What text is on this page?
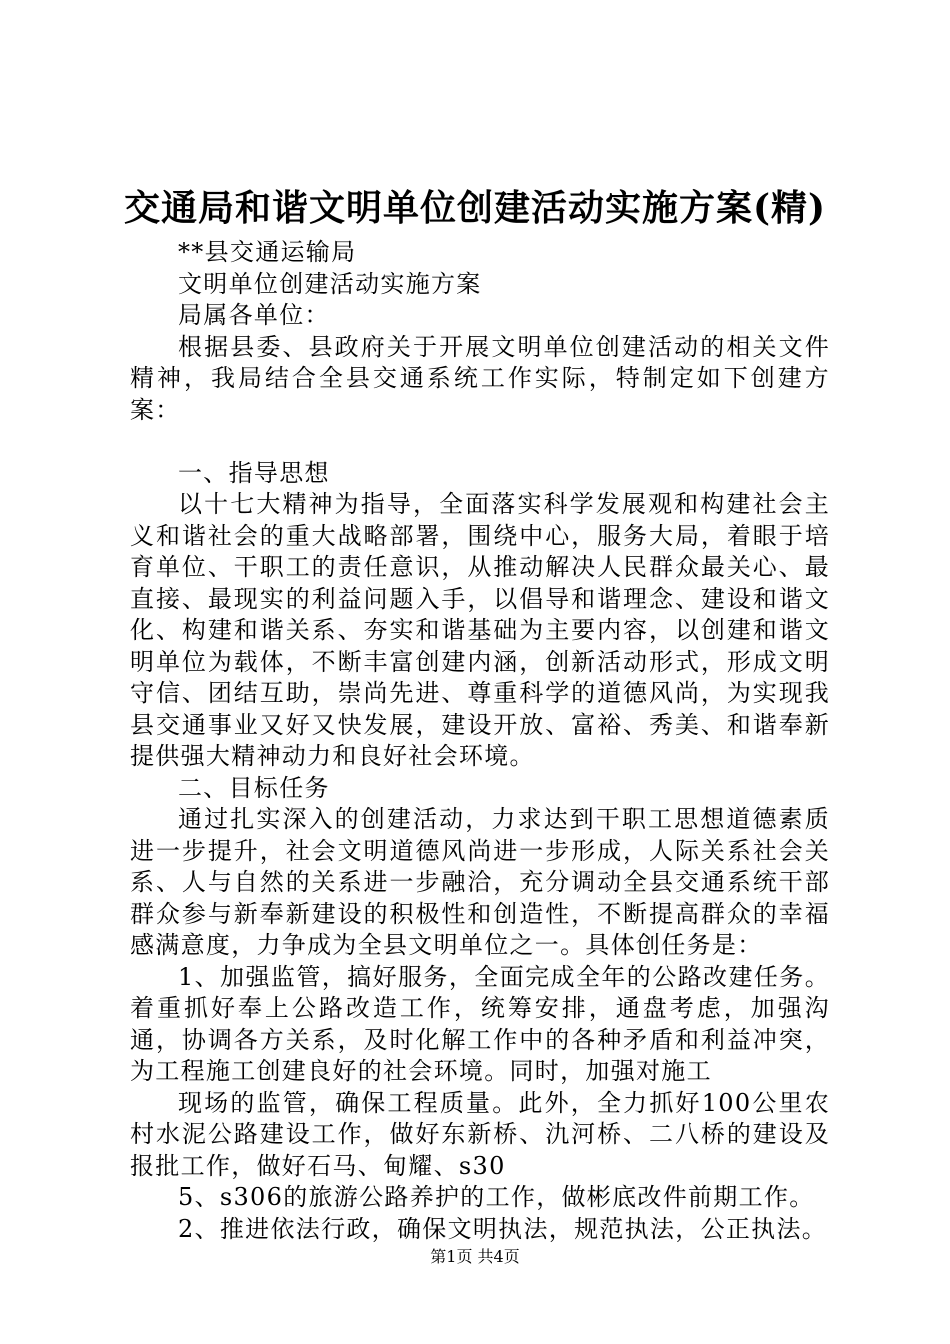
交通局和谐文明单位创建活动实施方案(精)

**县交通运输局

文明单位创建活动实施方案

局属各单位：

根据县委、县政府关于开展文明单位创建活动的相关文件精神，我局结合全县交通系统工作实际，特制定如下创建方案：

一、指导思想

以十七大精神为指导，全面落实科学发展观和构建社会主义和谐社会的重大战略部署，围绕中心，服务大局，着眼于培育单位、干职工的责任意识，从推动解决人民群众最关心、最直接、最现实的利益问题入手，以倡导和谐理念、建设和谐文化、构建和谐关系、夯实和谐基础为主要内容，以创建和谐文明单位为载体，不断丰富创建内涵，创新活动形式，形成文明守信、团结互助，崇尚先进、尊重科学的道德风尚，为实现我县交通事业又好又快发展，建设开放、富裕、秀美、和谐奉新提供强大精神动力和良好社会环境。

二、目标任务

通过扎实深入的创建活动，力求达到干职工思想道德素质进一步提升，社会文明道德风尚进一步形成，人际关系社会关系、人与自然的关系进一步融洽，充分调动全县交通系统干部群众参与新奉新建设的积极性和创造性，不断提高群众的幸福感满意度，力争成为全县文明单位之一。具体创任务是：

1、加强监管，搞好服务，全面完成全年的公路改建任务。着重抓好奉上公路改造工作，统筹安排，通盘考虑，加强沟通，协调各方关系，及时化解工作中的各种矛盾和利益冲突，为工程施工创建良好的社会环境。同时，加强对施工

现场的监管，确保工程质量。此外，全力抓好100公里农村水泥公路建设工作，做好东新桥、氿河桥、二八桥的建设及报批工作，做好石马、甸耀、s30

5、s306的旅游公路养护的工作，做彬底改件前期工作。

2、推进依法行政，确保文明执法，规范执法，公正执法。

第1页 共4页
